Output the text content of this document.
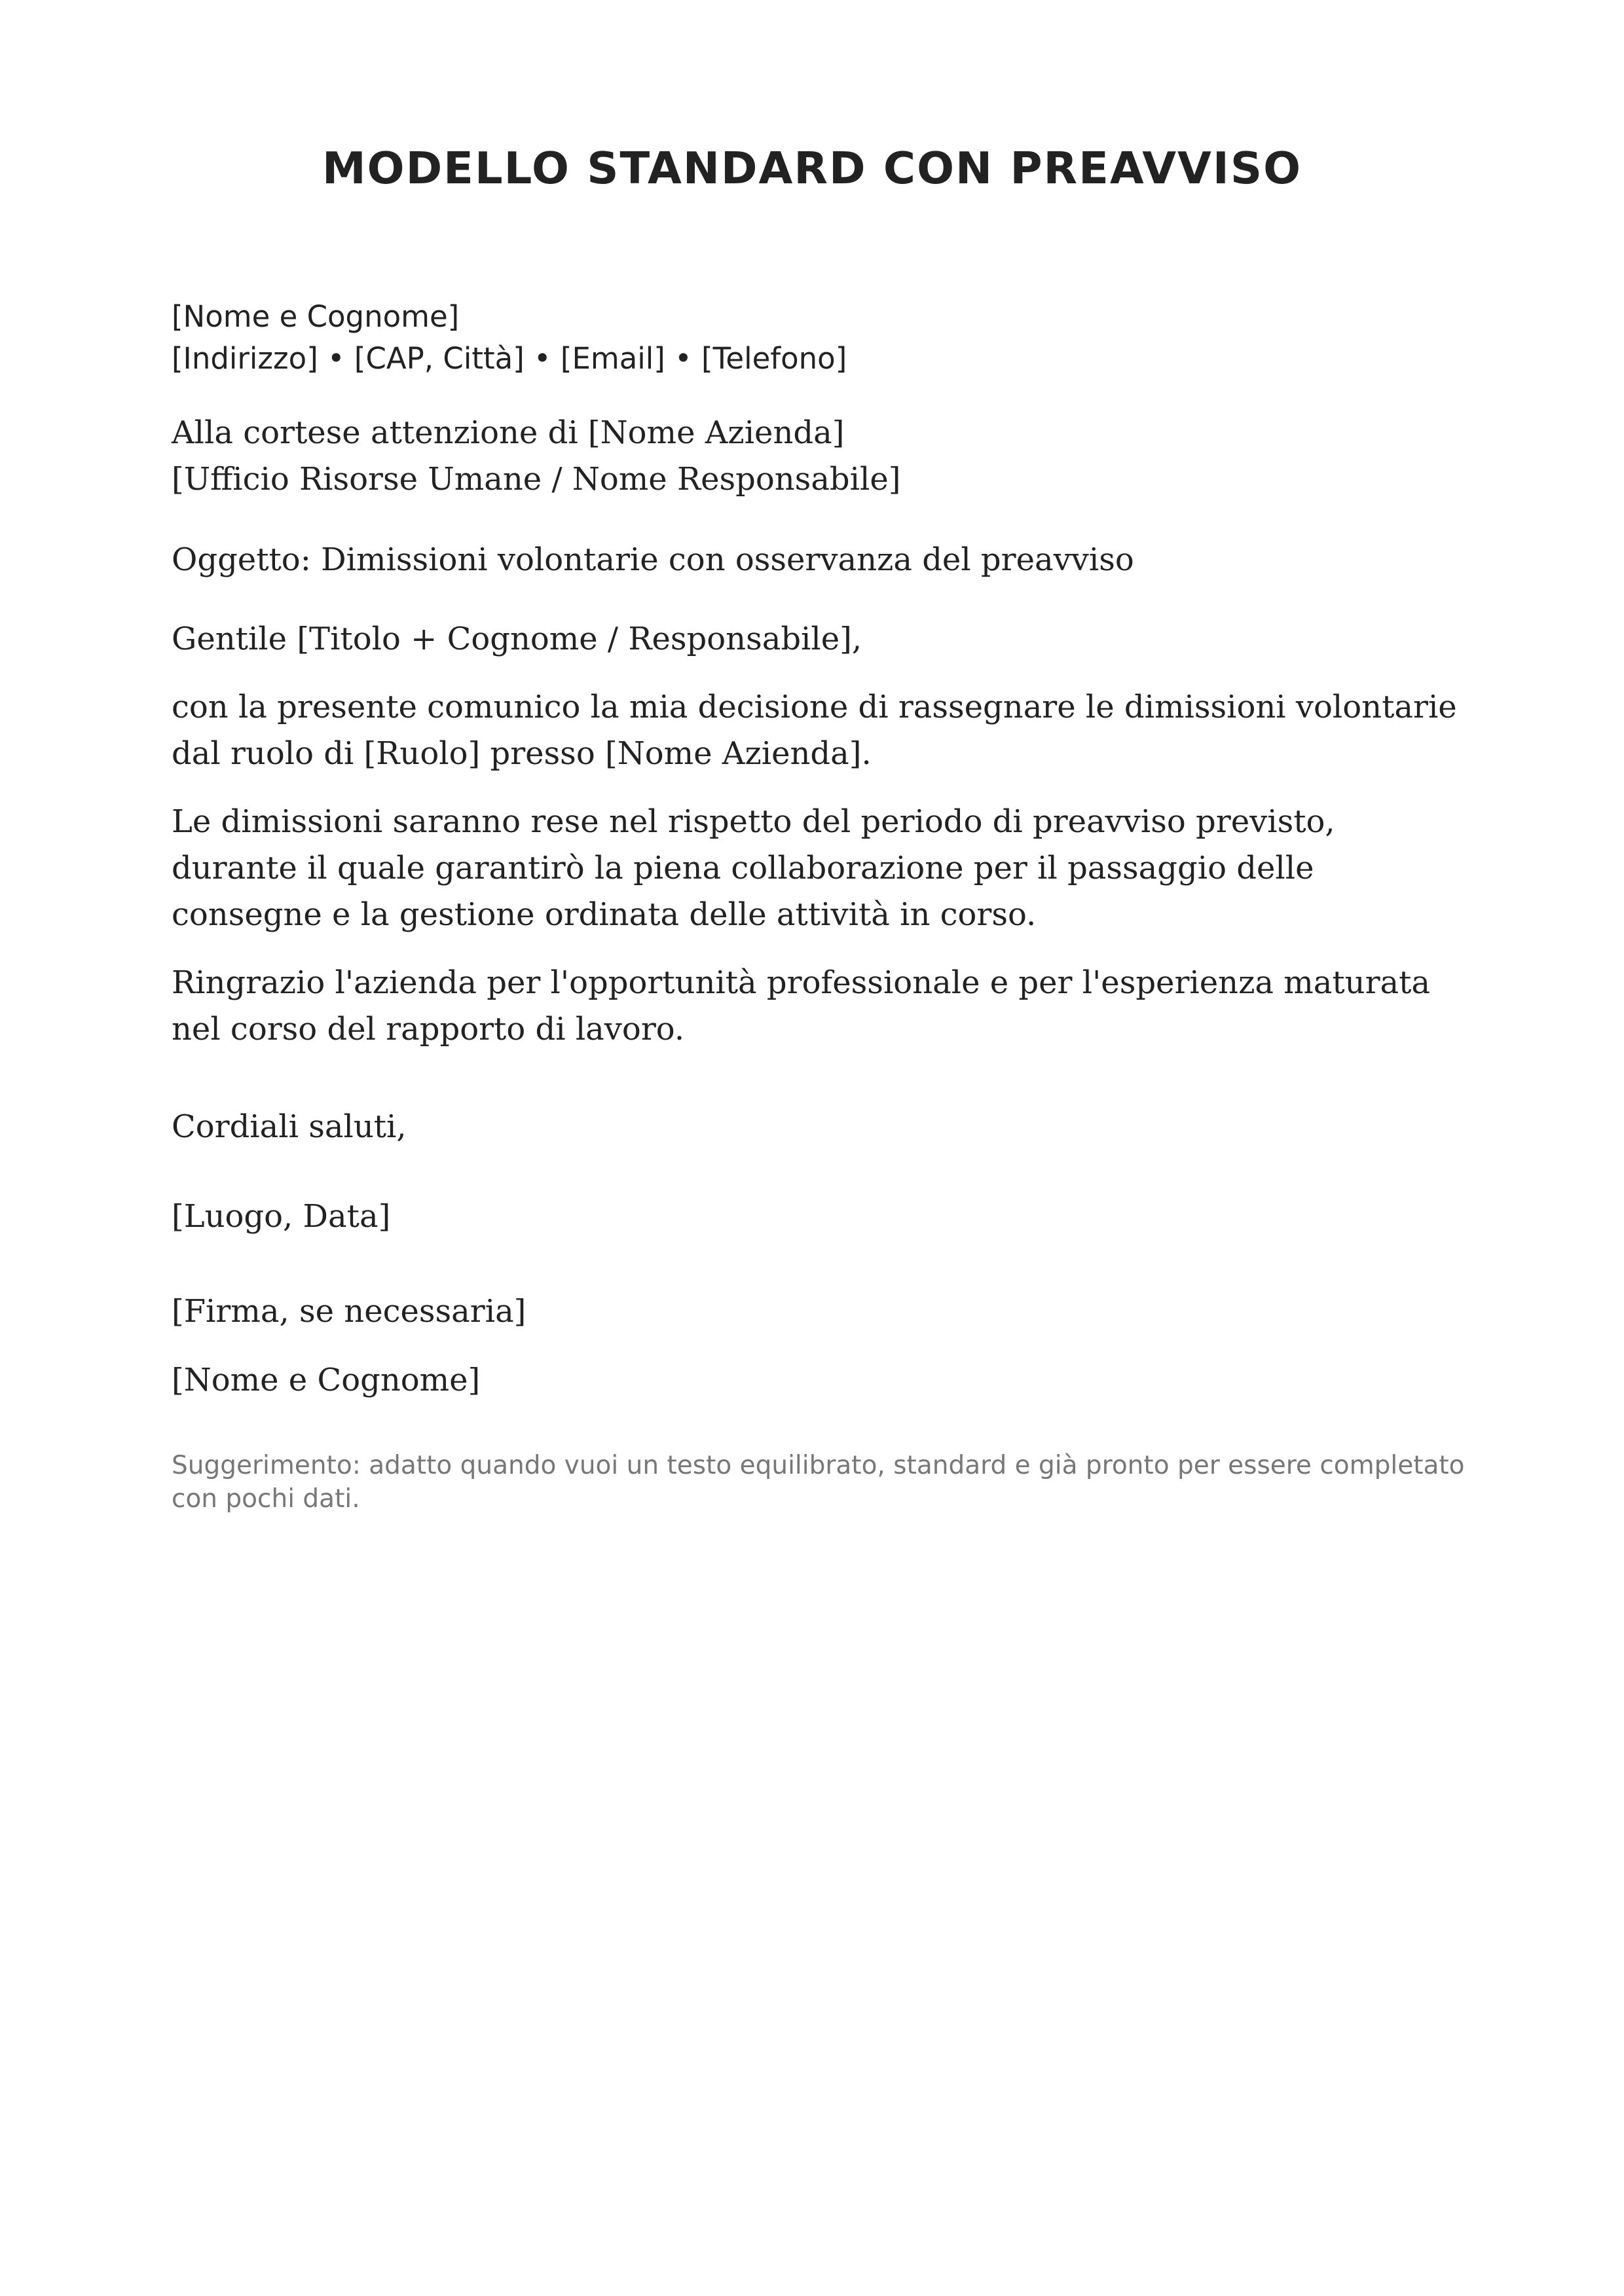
MODELLO STANDARD CON PREAVVISO
[Nome e Cognome]
[Indirizzo] • [CAP, Città] • [Email] • [Telefono]
Alla cortese attenzione di [Nome Azienda]
[Ufficio Risorse Umane / Nome Responsabile]
Oggetto: Dimissioni volontarie con osservanza del preavviso
Gentile [Titolo + Cognome / Responsabile],
con la presente comunico la mia decisione di rassegnare le dimissioni volontarie dal ruolo di [Ruolo] presso [Nome Azienda].
Le dimissioni saranno rese nel rispetto del periodo di preavviso previsto, durante il quale garantirò la piena collaborazione per il passaggio delle consegne e la gestione ordinata delle attività in corso.
Ringrazio l'azienda per l'opportunità professionale e per l'esperienza maturata nel corso del rapporto di lavoro.
Cordiali saluti,
[Luogo, Data]
[Firma, se necessaria]
[Nome e Cognome]
Suggerimento: adatto quando vuoi un testo equilibrato, standard e già pronto per essere completato con pochi dati.
